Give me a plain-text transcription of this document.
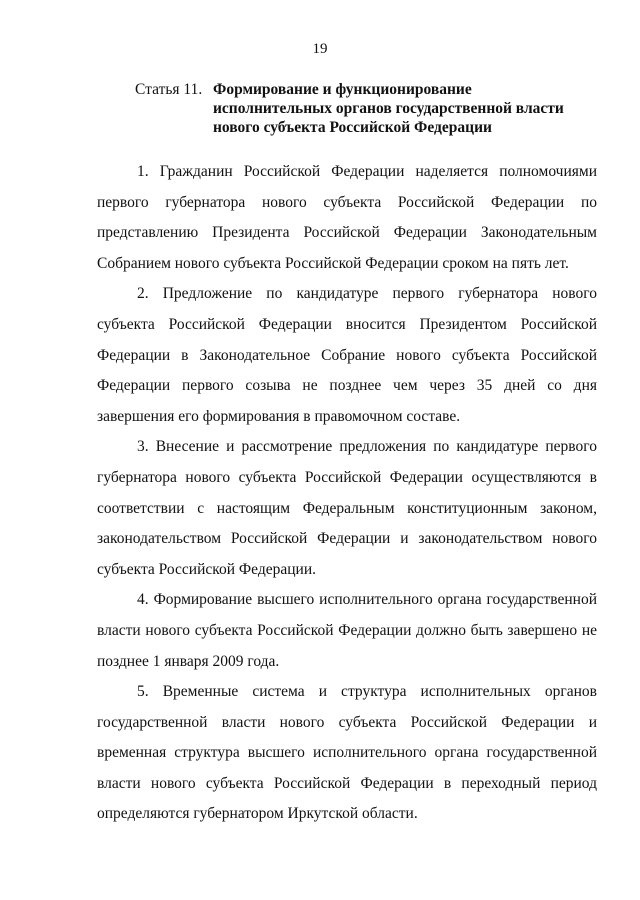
19
Статья 11. Формирование и функционирование исполнительных органов государственной власти нового субъекта Российской Федерации

1. Гражданин Российской Федерации наделяется полномочиями первого губернатора нового субъекта Российской Федерации по представлению Президента Российской Федерации Законодательным Собранием нового субъекта Российской Федерации сроком на пять лет.

2. Предложение по кандидатуре первого губернатора нового субъекта Российской Федерации вносится Президентом Российской Федерации в Законодательное Собрание нового субъекта Российской Федерации первого созыва не позднее чем через 35 дней со дня завершения его формирования в правомочном составе.

3. Внесение и рассмотрение предложения по кандидатуре первого губернатора нового субъекта Российской Федерации осуществляются в соответствии с настоящим Федеральным конституционным законом, законодательством Российской Федерации и законодательством нового субъекта Российской Федерации.

4. Формирование высшего исполнительного органа государственной власти нового субъекта Российской Федерации должно быть завершено не позднее 1 января 2009 года.

5. Временные система и структура исполнительных органов государственной власти нового субъекта Российской Федерации и временная структура высшего исполнительного органа государственной власти нового субъекта Российской Федерации в переходный период определяются губернатором Иркутской области.
